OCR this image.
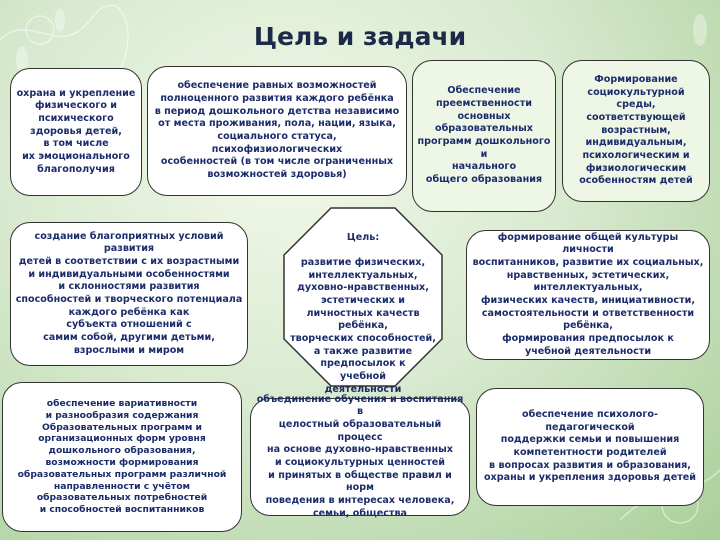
Цель и задачи
охрана и укрепление
физического и
психического
здоровья детей,
в том числе
их эмоционального
благополучия
обеспечение равных возможностей
полноценного развития каждого ребёнка
в период дошкольного детства независимо
от места проживания, пола, нации, языка,
социального статуса, психофизиологических
особенностей (в том числе ограниченных
возможностей здоровья)
Обеспечение
преемственности
основных
образовательных
программ дошкольного и
начального
общего образования
Формирование
социокультурной
среды, соответствующей
возрастным,
индивидуальным,
психологическим и
физиологическим
особенностям детей
создание благоприятных условий
развития
детей в соответствии с их возрастными
и индивидуальными особенностями
и склонностями развития
способностей и творческого потенциала
каждого ребёнка как
субъекта отношений с
самим собой, другими детьми,
взрослыми и миром

Цель:

развитие физических,
интеллектуальных,
духовно-нравственных,
эстетических и
личностных качеств
ребёнка,
творческих способностей,
а также развитие
предпосылок к
учебной
деятельности

формирование общей культуры личности
воспитанников, развитие их социальных,
нравственных, эстетических,
интеллектуальных,
физических качеств, инициативности,
самостоятельности и ответственности
ребёнка,
формирования предпосылок к
учебной деятельности
обеспечение вариативности
и разнообразия содержания
Образовательных программ и
организационных форм уровня
дошкольного образования,
возможности формирования
образовательных программ различной
направленности с учётом
образовательных потребностей
и способностей воспитанников
объединение обучения и воспитания в
целостный образовательный процесс
на основе духовно-нравственных
и социокультурных ценностей
и принятых в обществе правил и норм
поведения в интересах человека,
семьи, общества
обеспечение психолого-педагогической
поддержки семьи и повышения
компетентности родителей
в вопросах развития и образования,
охраны и укрепления здоровья детей
